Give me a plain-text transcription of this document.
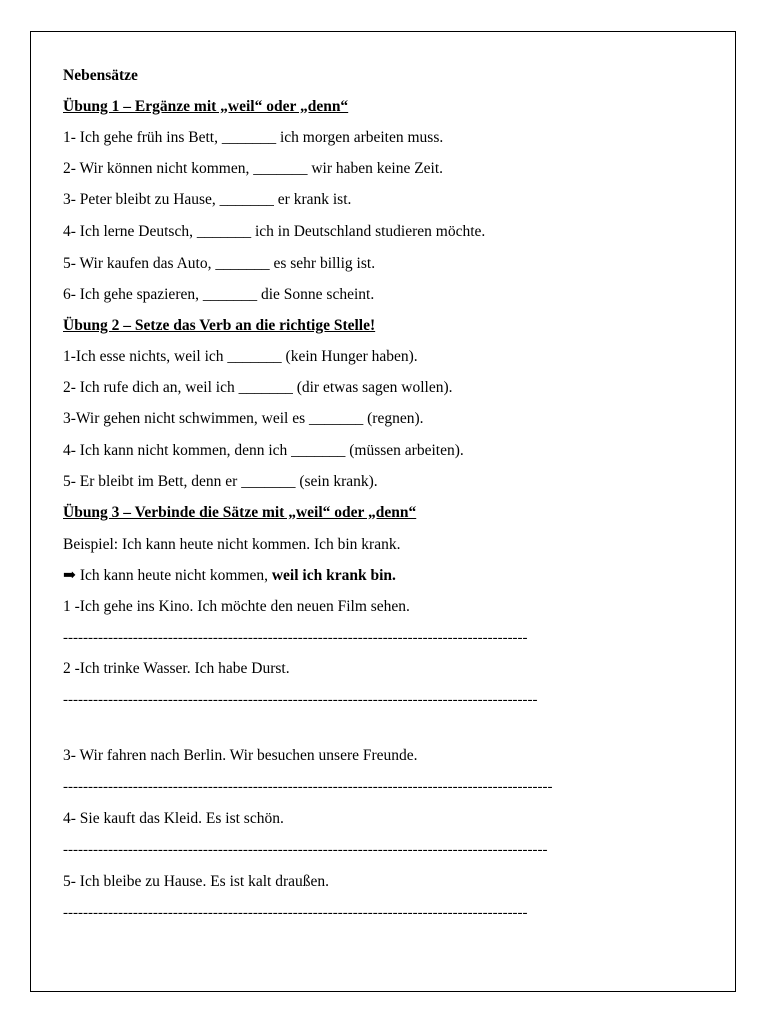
Nebensätze
Übung 1 – Ergänze mit „weil“ oder „denn“
1- Ich gehe früh ins Bett, _______ ich morgen arbeiten muss.
2- Wir können nicht kommen, _______ wir haben keine Zeit.
3- Peter bleibt zu Hause, _______ er krank ist.
4- Ich lerne Deutsch, _______ ich in Deutschland studieren möchte.
5- Wir kaufen das Auto, _______ es sehr billig ist.
6- Ich gehe spazieren, _______ die Sonne scheint.
Übung 2 – Setze das Verb an die richtige Stelle!
1-Ich esse nichts, weil ich _______ (kein Hunger haben).
2- Ich rufe dich an, weil ich _______ (dir etwas sagen wollen).
3-Wir gehen nicht schwimmen, weil es _______ (regnen).
4- Ich kann nicht kommen, denn ich _______ (müssen arbeiten).
5- Er bleibt im Bett, denn er _______ (sein krank).
Übung 3 – Verbinde die Sätze mit „weil“ oder „denn“
Beispiel: Ich kann heute nicht kommen. Ich bin krank.
➡ Ich kann heute nicht kommen, weil ich krank bin.
1 -Ich gehe ins Kino. Ich möchte den neuen Film sehen.
---------------------------------------------------------------------------------------------
2 -Ich trinke Wasser. Ich habe Durst.
-----------------------------------------------------------------------------------------------
3- Wir fahren nach Berlin. Wir besuchen unsere Freunde.
--------------------------------------------------------------------------------------------------
4- Sie kauft das Kleid. Es ist schön.
-------------------------------------------------------------------------------------------------
5- Ich bleibe zu Hause. Es ist kalt draußen.
---------------------------------------------------------------------------------------------
